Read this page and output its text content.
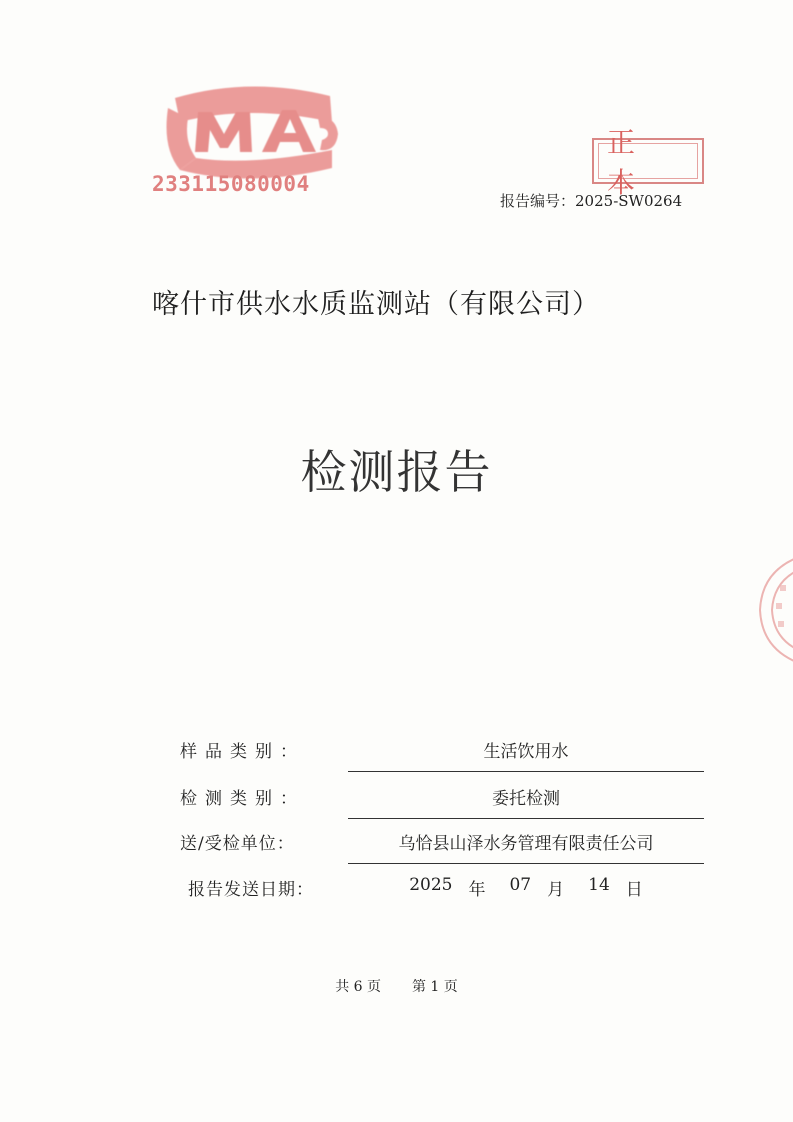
233115080004
正 本
报告编号：2025-SW0264
喀什市供水水质监测站（有限公司）
检测报告
样品类别：	生活饮用水
检测类别：	委托检测
送/受检单位：	乌恰县山泽水务管理有限责任公司
报告发送日期：	2025 年 07 月 14 日
共 6 页 第 1 页
